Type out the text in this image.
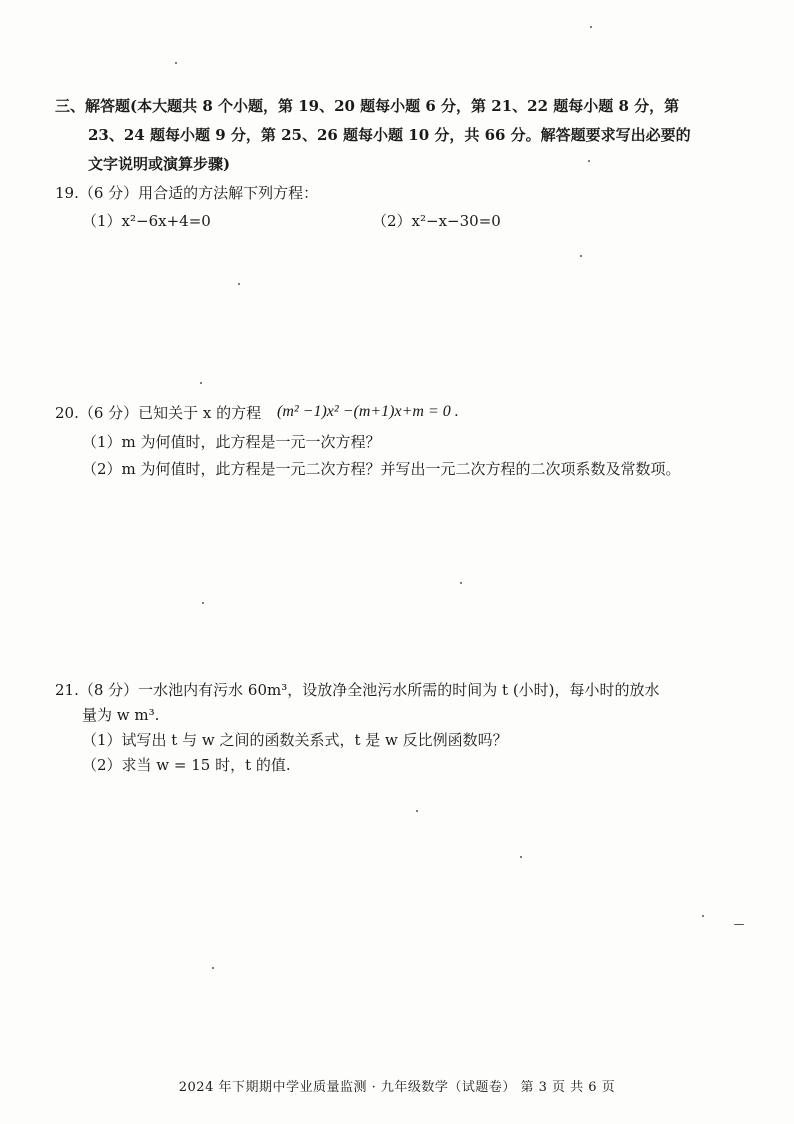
三、解答题(本大题共 8 个小题，第 19、20 题每小题 6 分，第 21、22 题每小题 8 分，第
23、24 题每小题 9 分，第 25、26 题每小题 10 分，共 66 分。解答题要求写出必要的
文字说明或演算步骤)
19.（6 分）用合适的方法解下列方程：
（1）x²−6x+4=0	（2）x²−x−30=0
20.（6 分）已知关于 x 的方程 (m² −1)x² −(m+1)x+m = 0 .
（1）m 为何值时，此方程是一元一次方程？
（2）m 为何值时，此方程是一元二次方程？并写出一元二次方程的二次项系数及常数项。
21.（8 分）一水池内有污水 60m³，设放净全池污水所需的时间为 t (小时)，每小时的放水
量为 w m³.
（1）试写出 t 与 w 之间的函数关系式，t 是 w 反比例函数吗？
（2）求当 w = 15 时，t 的值.
2024 年下期期中学业质量监测 · 九年级数学（试题卷） 第 3 页 共 6 页
